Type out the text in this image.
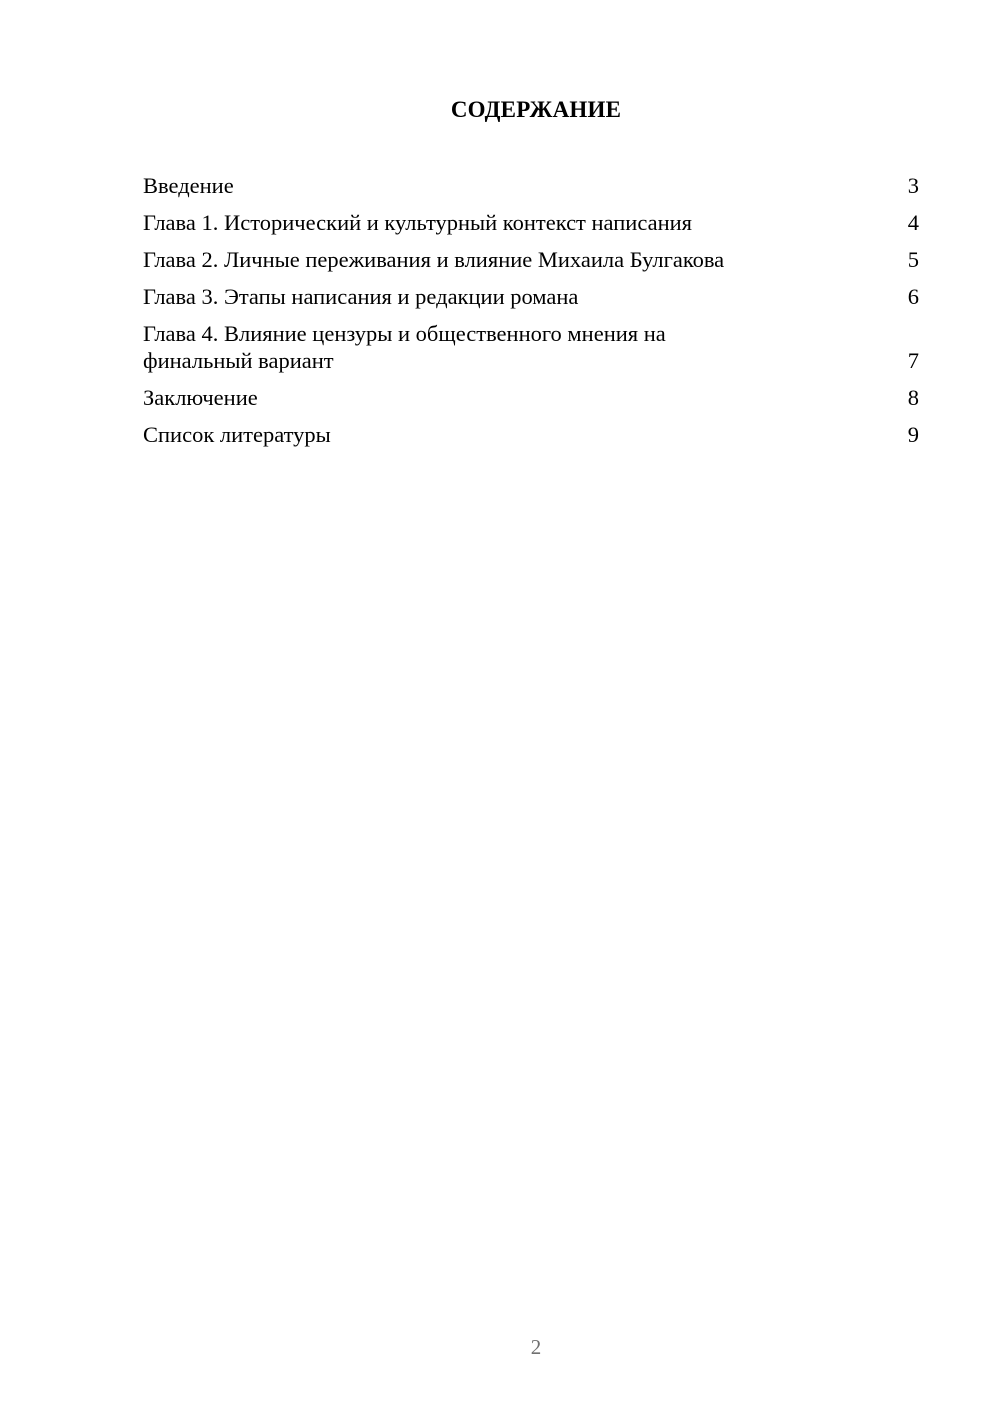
СОДЕРЖАНИЕ
Введение	3
Глава 1. Исторический и культурный контекст написания	4
Глава 2. Личные переживания и влияние Михаила Булгакова	5
Глава 3. Этапы написания и редакции романа	6
Глава 4. Влияние цензуры и общественного мнения на финальный вариант	7
Заключение	8
Список литературы	9
2
